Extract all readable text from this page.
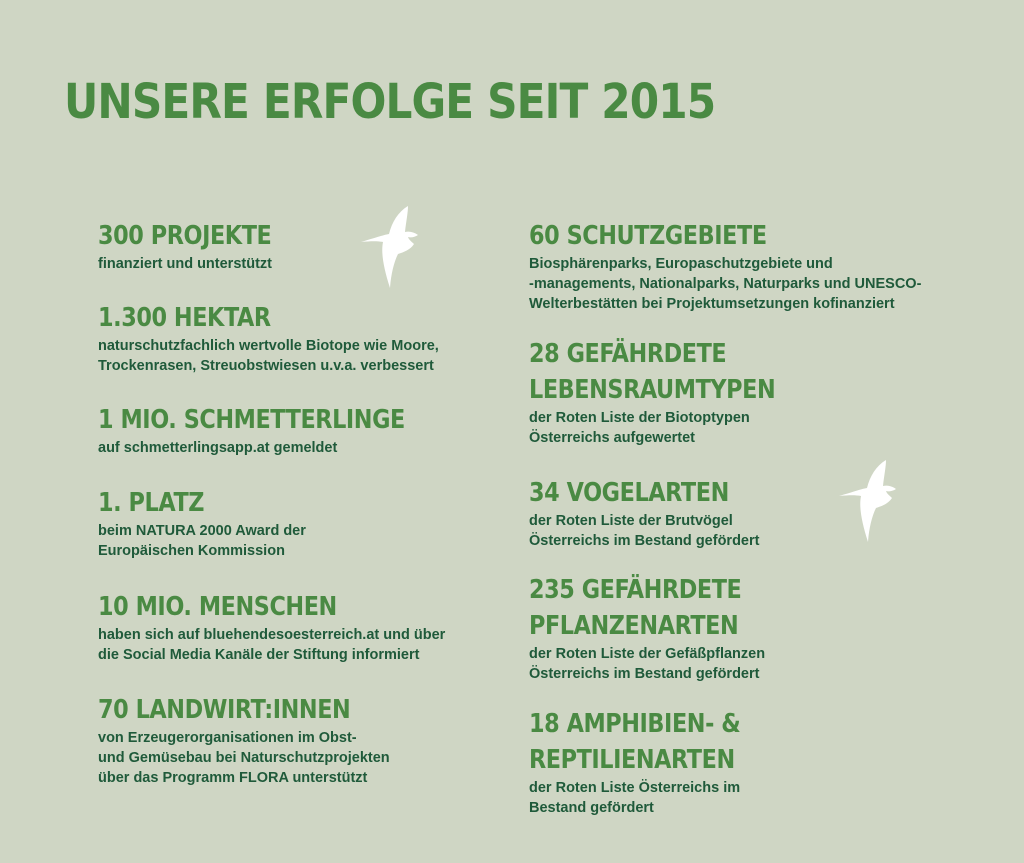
UNSERE ERFOLGE SEIT 2015
300 PROJEKTE
finanziert und unterstützt
1.300 HEKTAR
naturschutzfachlich wertvolle Biotope wie Moore,
Trockenrasen, Streuobstwiesen u.v.a. verbessert
1 MIO. SCHMETTERLINGE
auf schmetterlingsapp.at gemeldet
1. PLATZ
beim NATURA 2000 Award der
Europäischen Kommission
10 MIO. MENSCHEN
haben sich auf bluehendesoesterreich.at und über
die Social Media Kanäle der Stiftung informiert
70 LANDWIRT:INNEN
von Erzeugerorganisationen im Obst-
und Gemüsebau bei Naturschutzprojekten
über das Programm FLORA unterstützt
60 SCHUTZGEBIETE
Biosphärenparks, Europaschutzgebiete und
-managements, Nationalparks, Naturparks und UNESCO-
Welterbestätten bei Projektumsetzungen kofinanziert
28 GEFÄHRDETE
LEBENSRAUMTYPEN
der Roten Liste der Biotoptypen
Österreichs aufgewertet
34 VOGELARTEN
der Roten Liste der Brutvögel
Österreichs im Bestand gefördert
235 GEFÄHRDETE
PFLANZENARTEN
der Roten Liste der Gefäßpflanzen
Österreichs im Bestand gefördert
18 AMPHIBIEN- &
REPTILIENARTEN
der Roten Liste Österreichs im
Bestand gefördert
